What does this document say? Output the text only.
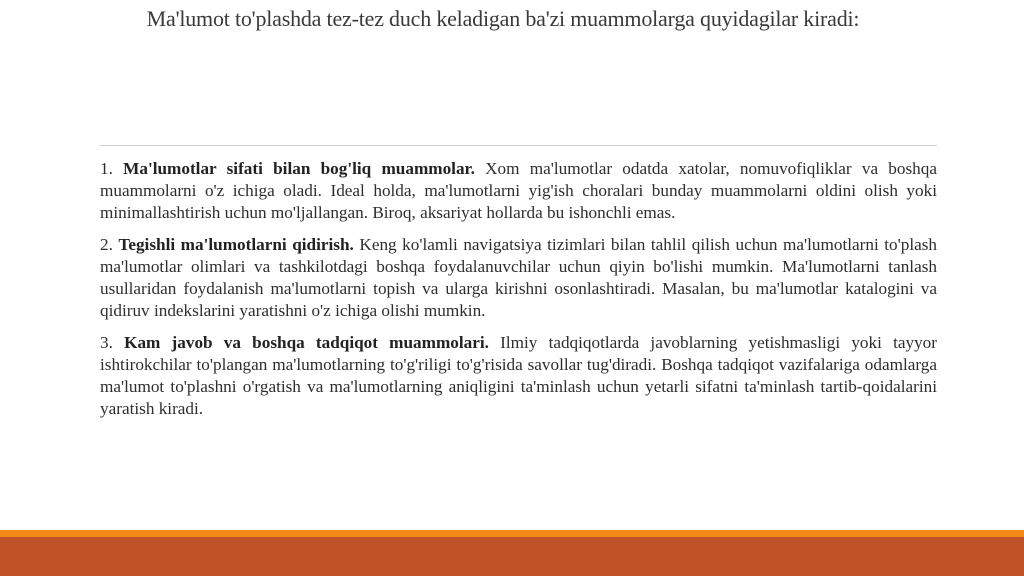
Ma'lumot to'plashda tez-tez duch keladigan ba'zi muammolarga quyidagilar kiradi:

1. Ma'lumotlar sifati bilan bog'liq muammolar. Xom ma'lumotlar odatda xatolar, nomuvofiqliklar va boshqa muammolarni o'z ichiga oladi. Ideal holda, ma'lumotlarni yig'ish choralari bunday muammolarni oldini olish yoki minimallashtirish uchun mo'ljallangan. Biroq, aksariyat hollarda bu ishonchli emas.

2. Tegishli ma'lumotlarni qidirish. Keng ko'lamli navigatsiya tizimlari bilan tahlil qilish uchun ma'lumotlarni to'plash ma'lumotlar olimlari va tashkilotdagi boshqa foydalanuvchilar uchun qiyin bo'lishi mumkin. Ma'lumotlarni tanlash usullaridan foydalanish ma'lumotlarni topish va ularga kirishni osonlashtiradi. Masalan, bu ma'lumotlar katalogini va qidiruv indekslarini yaratishni o'z ichiga olishi mumkin.

3. Kam javob va boshqa tadqiqot muammolari. Ilmiy tadqiqotlarda javoblarning yetishmasligi yoki tayyor ishtirokchilar to'plangan ma'lumotlarning to'g'riligi to'g'risida savollar tug'diradi. Boshqa tadqiqot vazifalariga odamlarga ma'lumot to'plashni o'rgatish va ma'lumotlarning aniqligini ta'minlash uchun yetarli sifatni ta'minlash tartib-qoidalarini yaratish kiradi.
